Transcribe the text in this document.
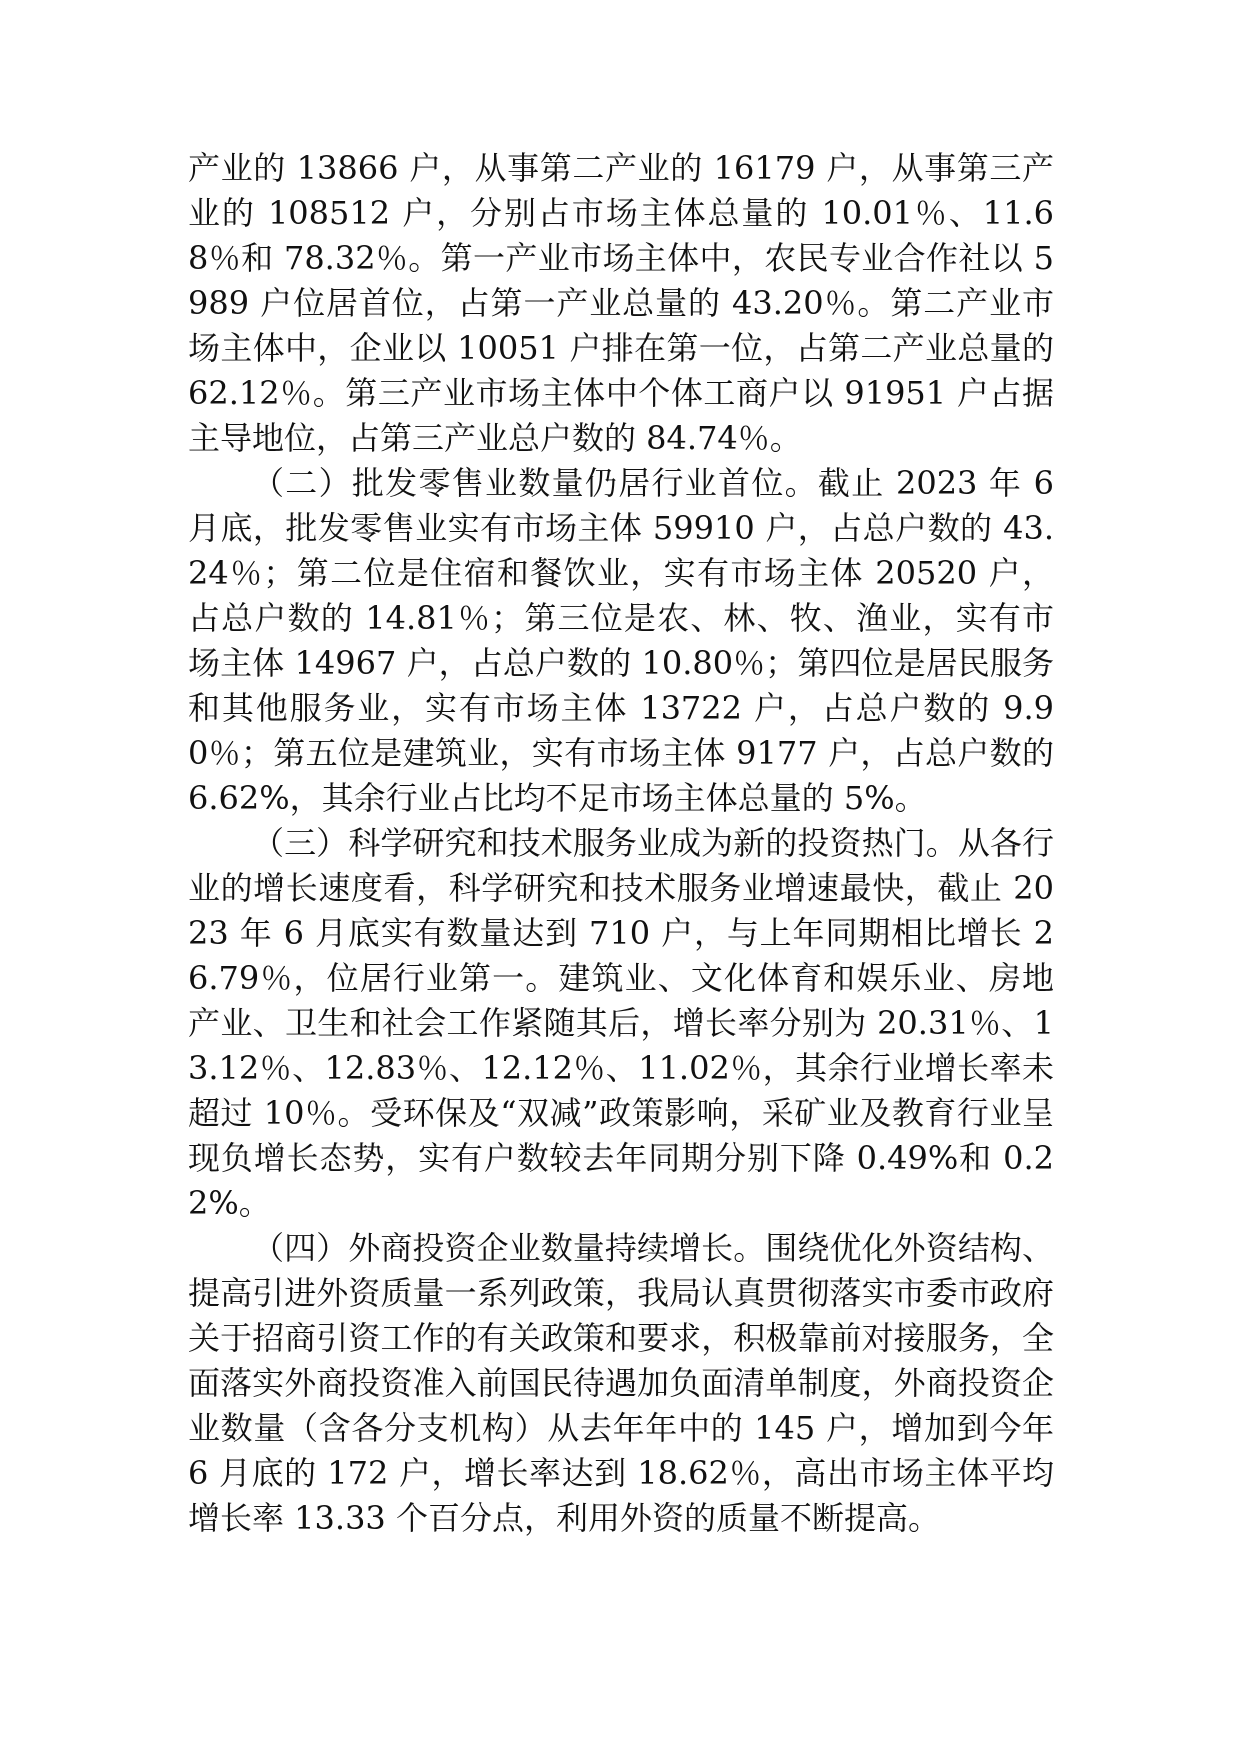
产业的 13866 户，从事第二产业的 16179 户，从事第三产业的 108512 户，分别占市场主体总量的 10.01％、11.68％和 78.32％。第一产业市场主体中，农民专业合作社以 5989 户位居首位，占第一产业总量的 43.20％。第二产业市场主体中，企业以 10051 户排在第一位，占第二产业总量的 62.12％。第三产业市场主体中个体工商户以 91951 户占据主导地位，占第三产业总户数的 84.74％。

（二）批发零售业数量仍居行业首位。截止 2023 年 6 月底，批发零售业实有市场主体 59910 户，占总户数的 43.24％；第二位是住宿和餐饮业，实有市场主体 20520 户，占总户数的 14.81％；第三位是农、林、牧、渔业，实有市场主体 14967 户，占总户数的 10.80％；第四位是居民服务和其他服务业，实有市场主体 13722 户，占总户数的 9.90％；第五位是建筑业，实有市场主体 9177 户，占总户数的 6.62%，其余行业占比均不足市场主体总量的 5%。

（三）科学研究和技术服务业成为新的投资热门。从各行业的增长速度看，科学研究和技术服务业增速最快，截止 2023 年 6 月底实有数量达到 710 户，与上年同期相比增长 26.79％，位居行业第一。建筑业、文化体育和娱乐业、房地产业、卫生和社会工作紧随其后，增长率分别为 20.31％、13.12％、12.83％、12.12％、11.02％，其余行业增长率未超过 10％。受环保及“双减”政策影响，采矿业及教育行业呈现负增长态势，实有户数较去年同期分别下降 0.49%和 0.22%。

（四）外商投资企业数量持续增长。围绕优化外资结构、提高引进外资质量一系列政策，我局认真贯彻落实市委市政府关于招商引资工作的有关政策和要求，积极靠前对接服务，全面落实外商投资准入前国民待遇加负面清单制度，外商投资企业数量（含各分支机构）从去年年中的 145 户，增加到今年 6 月底的 172 户，增长率达到 18.62％，高出市场主体平均增长率 13.33 个百分点，利用外资的质量不断提高。
